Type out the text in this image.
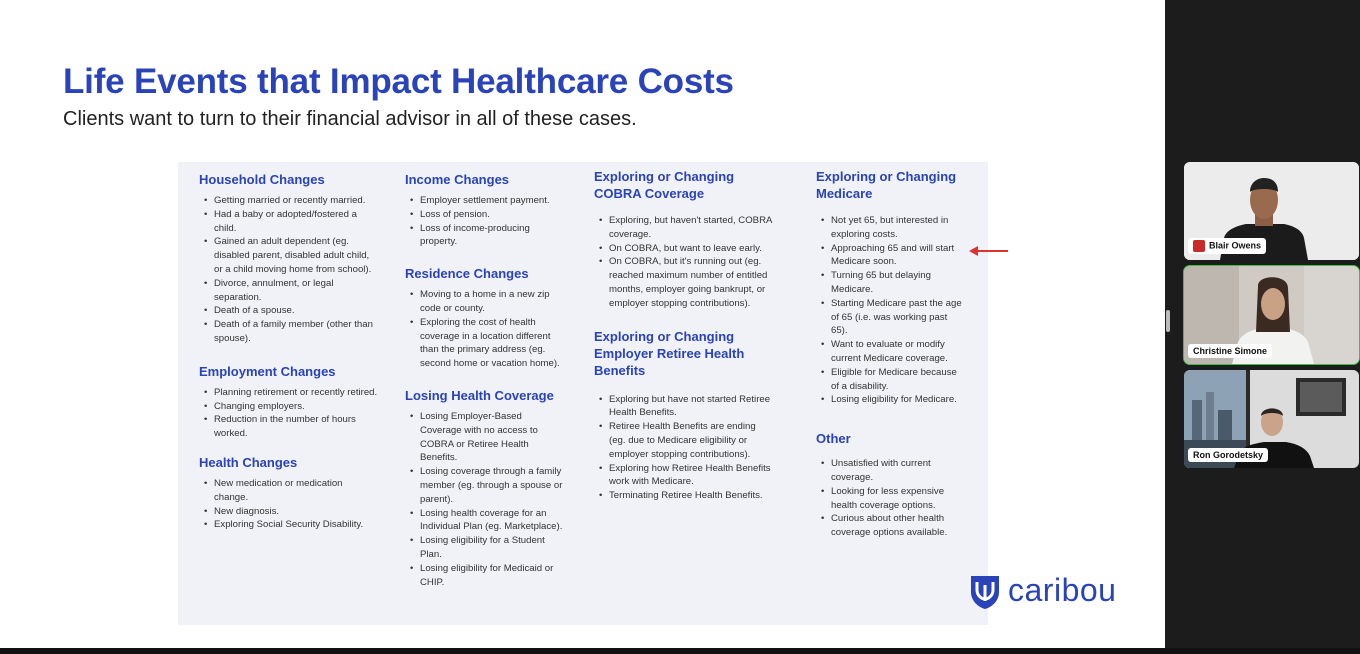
Life Events that Impact Healthcare Costs
Clients want to turn to their financial advisor in all of these cases.

Household Changes

• Getting married or recently married.
• Had a baby or adopted/fostered a child.
• Gained an adult dependent (eg. disabled parent, disabled adult child, or a child moving home from school).
• Divorce, annulment, or legal separation.
• Death of a spouse.
• Death of a family member (other than spouse).

Employment Changes

• Planning retirement or recently retired.
• Changing employers.
• Reduction in the number of hours worked.

Health Changes

• New medication or medication change.
• New diagnosis.
• Exploring Social Security Disability.

Income Changes

• Employer settlement payment.
• Loss of pension.
• Loss of income-producing property.

Residence Changes

• Moving to a home in a new zip code or county.
• Exploring the cost of health coverage in a location different than the primary address (eg. second home or vacation home).

Losing Health Coverage

• Losing Employer-Based Coverage with no access to COBRA or Retiree Health Benefits.
• Losing coverage through a family member (eg. through a spouse or parent).
• Losing health coverage for an Individual Plan (eg. Marketplace).
• Losing eligibility for a Student Plan.
• Losing eligibility for Medicaid or CHIP.

Exploring or Changing COBRA Coverage

• Exploring, but haven't started, COBRA coverage.
• On COBRA, but want to leave early.
• On COBRA, but it's running out (eg. reached maximum number of entitled months, employer going bankrupt, or employer stopping contributions).

Exploring or Changing Employer Retiree Health Benefits

• Exploring but have not started Retiree Health Benefits.
• Retiree Health Benefits are ending (eg. due to Medicare eligibility or employer stopping contributions).
• Exploring how Retiree Health Benefits work with Medicare.
• Terminating Retiree Health Benefits.

Exploring or Changing Medicare

• Not yet 65, but interested in exploring costs.
• Approaching 65 and will start Medicare soon.
• Turning 65 but delaying Medicare.
• Starting Medicare past the age of 65 (i.e. was working past 65).
• Want to evaluate or modify current Medicare coverage.
• Eligible for Medicare because of a disability.
• Losing eligibility for Medicare.

Other

• Unsatisfied with current coverage.
• Looking for less expensive health coverage options.
• Curious about other health coverage options available.
caribou
Blair Owens
Christine Simone
Ron Gorodetsky
